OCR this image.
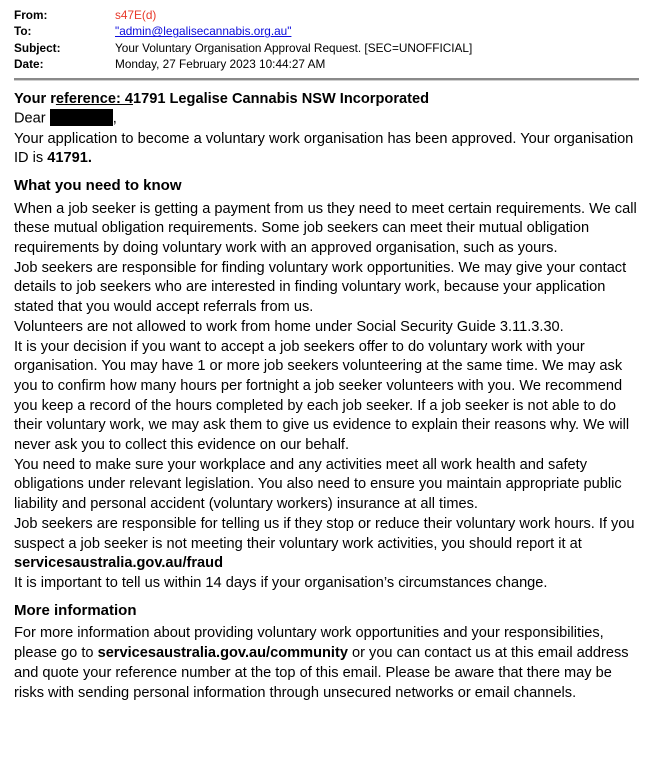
From:	s47E(d)
To:	"admin@legalisecannabis.org.au"
Subject:	Your Voluntary Organisation Approval Request. [SEC=UNOFFICIAL]
Date:	Monday, 27 February 2023 10:44:27 AM
Your reference: 41791 Legalise Cannabis NSW Incorporated
Dear	,
Your application to become a voluntary work organisation has been approved. Your organisation ID is 41791.
What you need to know
When a job seeker is getting a payment from us they need to meet certain requirements. We call these mutual obligation requirements. Some job seekers can meet their mutual obligation requirements by doing voluntary work with an approved organisation, such as yours.
Job seekers are responsible for finding voluntary work opportunities. We may give your contact details to job seekers who are interested in finding voluntary work, because your application stated that you would accept referrals from us.
Volunteers are not allowed to work from home under Social Security Guide 3.11.3.30.
It is your decision if you want to accept a job seekers offer to do voluntary work with your organisation. You may have 1 or more job seekers volunteering at the same time. We may ask you to confirm how many hours per fortnight a job seeker volunteers with you. We recommend you keep a record of the hours completed by each job seeker. If a job seeker is not able to do their voluntary work, we may ask them to give us evidence to explain their reasons why. We will never ask you to collect this evidence on our behalf.
You need to make sure your workplace and any activities meet all work health and safety obligations under relevant legislation. You also need to ensure you maintain appropriate public liability and personal accident (voluntary workers) insurance at all times.
Job seekers are responsible for telling us if they stop or reduce their voluntary work hours. If you suspect a job seeker is not meeting their voluntary work activities, you should report it at servicesaustralia.gov.au/fraud
It is important to tell us within 14 days if your organisation’s circumstances change.
More information
For more information about providing voluntary work opportunities and your responsibilities, please go to servicesaustralia.gov.au/community or you can contact us at this email address and quote your reference number at the top of this email. Please be aware that there may be risks with sending personal information through unsecured networks or email channels.
